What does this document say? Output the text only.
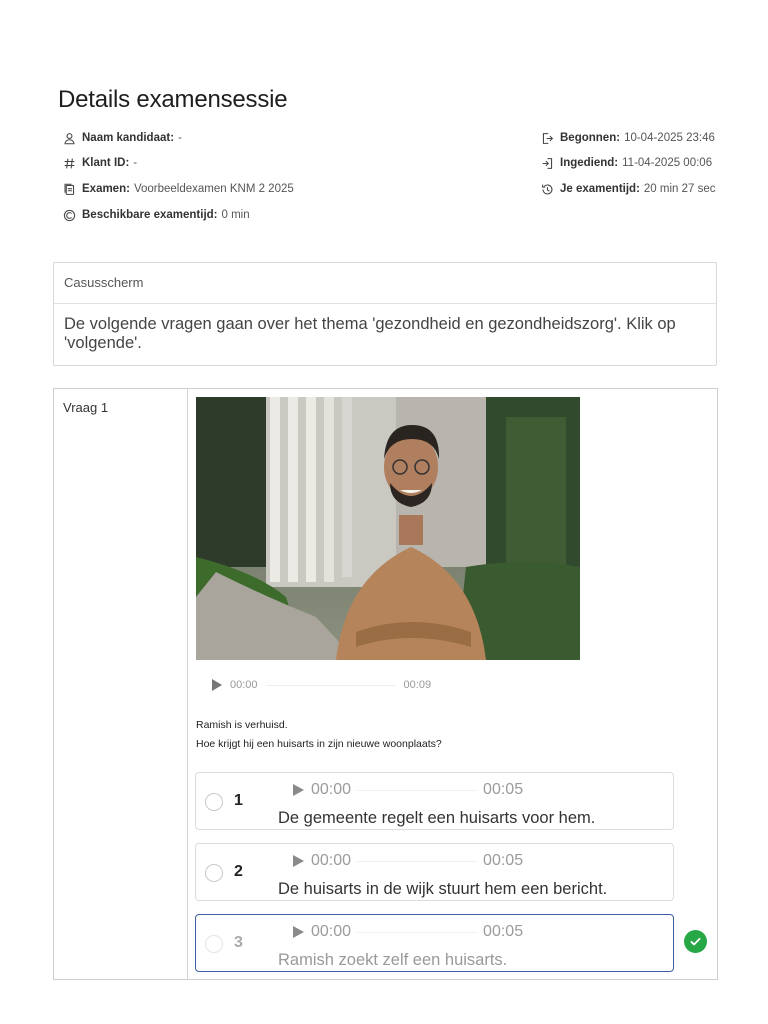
Details examensessie
Naam kandidaat: -
Klant ID: -
Examen: Voorbeeldexamen KNM 2 2025
Beschikbare examentijd: 0 min
Begonnen: 10-04-2025 23:46
Ingediend: 11-04-2025 00:06
Je examentijd: 20 min 27 sec
Casusscherm
De volgende vragen gaan over het thema 'gezondheid en gezondheidszorg'. Klik op 'volgende'.
Vraag 1
00:00	00:09
Ramish is verhuisd.
Hoe krijgt hij een huisarts in zijn nieuwe woonplaats?
1
00:00	00:05
De gemeente regelt een huisarts voor hem.
2
00:00	00:05
De huisarts in de wijk stuurt hem een bericht.
3
00:00	00:05
Ramish zoekt zelf een huisarts.
